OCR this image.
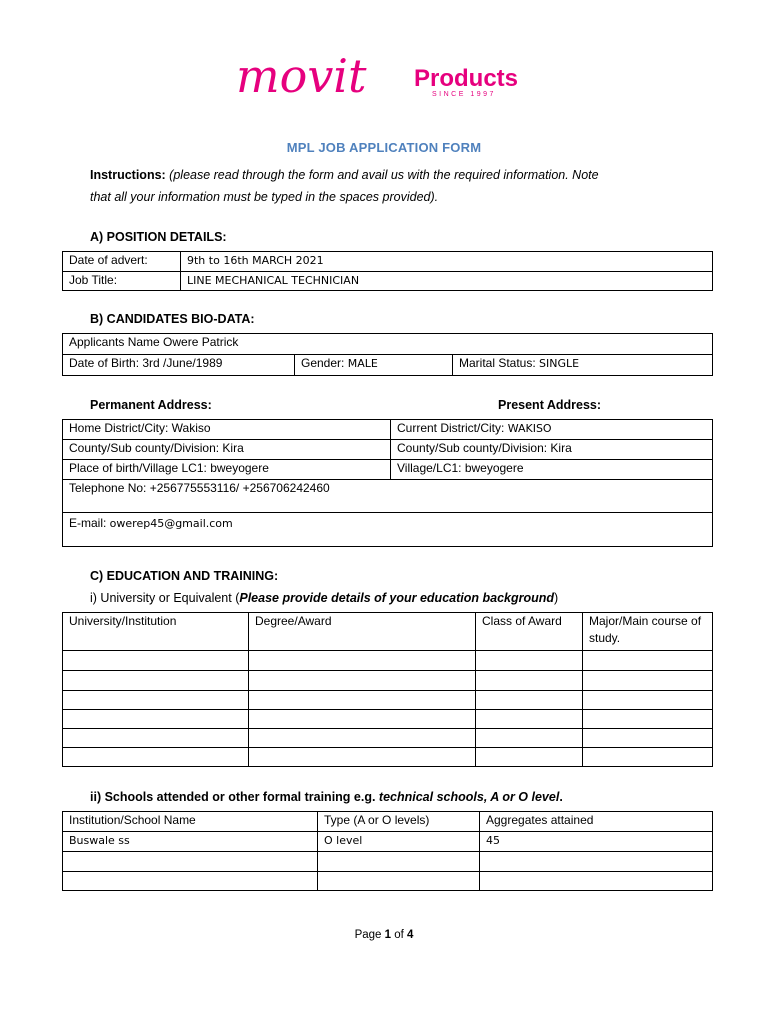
movit Products
SINCE 1997
MPL JOB APPLICATION FORM
Instructions: (please read through the form and avail us with the required information. Note
that all your information must be typed in the spaces provided).
A) POSITION DETAILS:
Date of advert:	9th to 16th MARCH 2021
Job Title:	LINE MECHANICAL TECHNICIAN
B) CANDIDATES BIO-DATA:
Applicants Name Owere Patrick
Date of Birth: 3rd /June/1989	Gender: MALE	Marital Status: SINGLE
Permanent Address:	Present Address:
Home District/City: Wakiso	Current District/City: WAKISO
County/Sub county/Division: Kira	County/Sub county/Division: Kira
Place of birth/Village LC1: bweyogere	Village/LC1: bweyogere
Telephone No: +256775553116/ +256706242460	
E-mail: owerep45@gmail.com	
C) EDUCATION AND TRAINING:
i) University or Equivalent (Please provide details of your education background)
University/Institution	Degree/Award	Class of Award	Major/Main course of study.

ii) Schools attended or other formal training e.g. technical schools, A or O level.
Institution/School Name	Type (A or O levels)	Aggregates attained
Buswale ss	O level	45

Page 1 of 4
